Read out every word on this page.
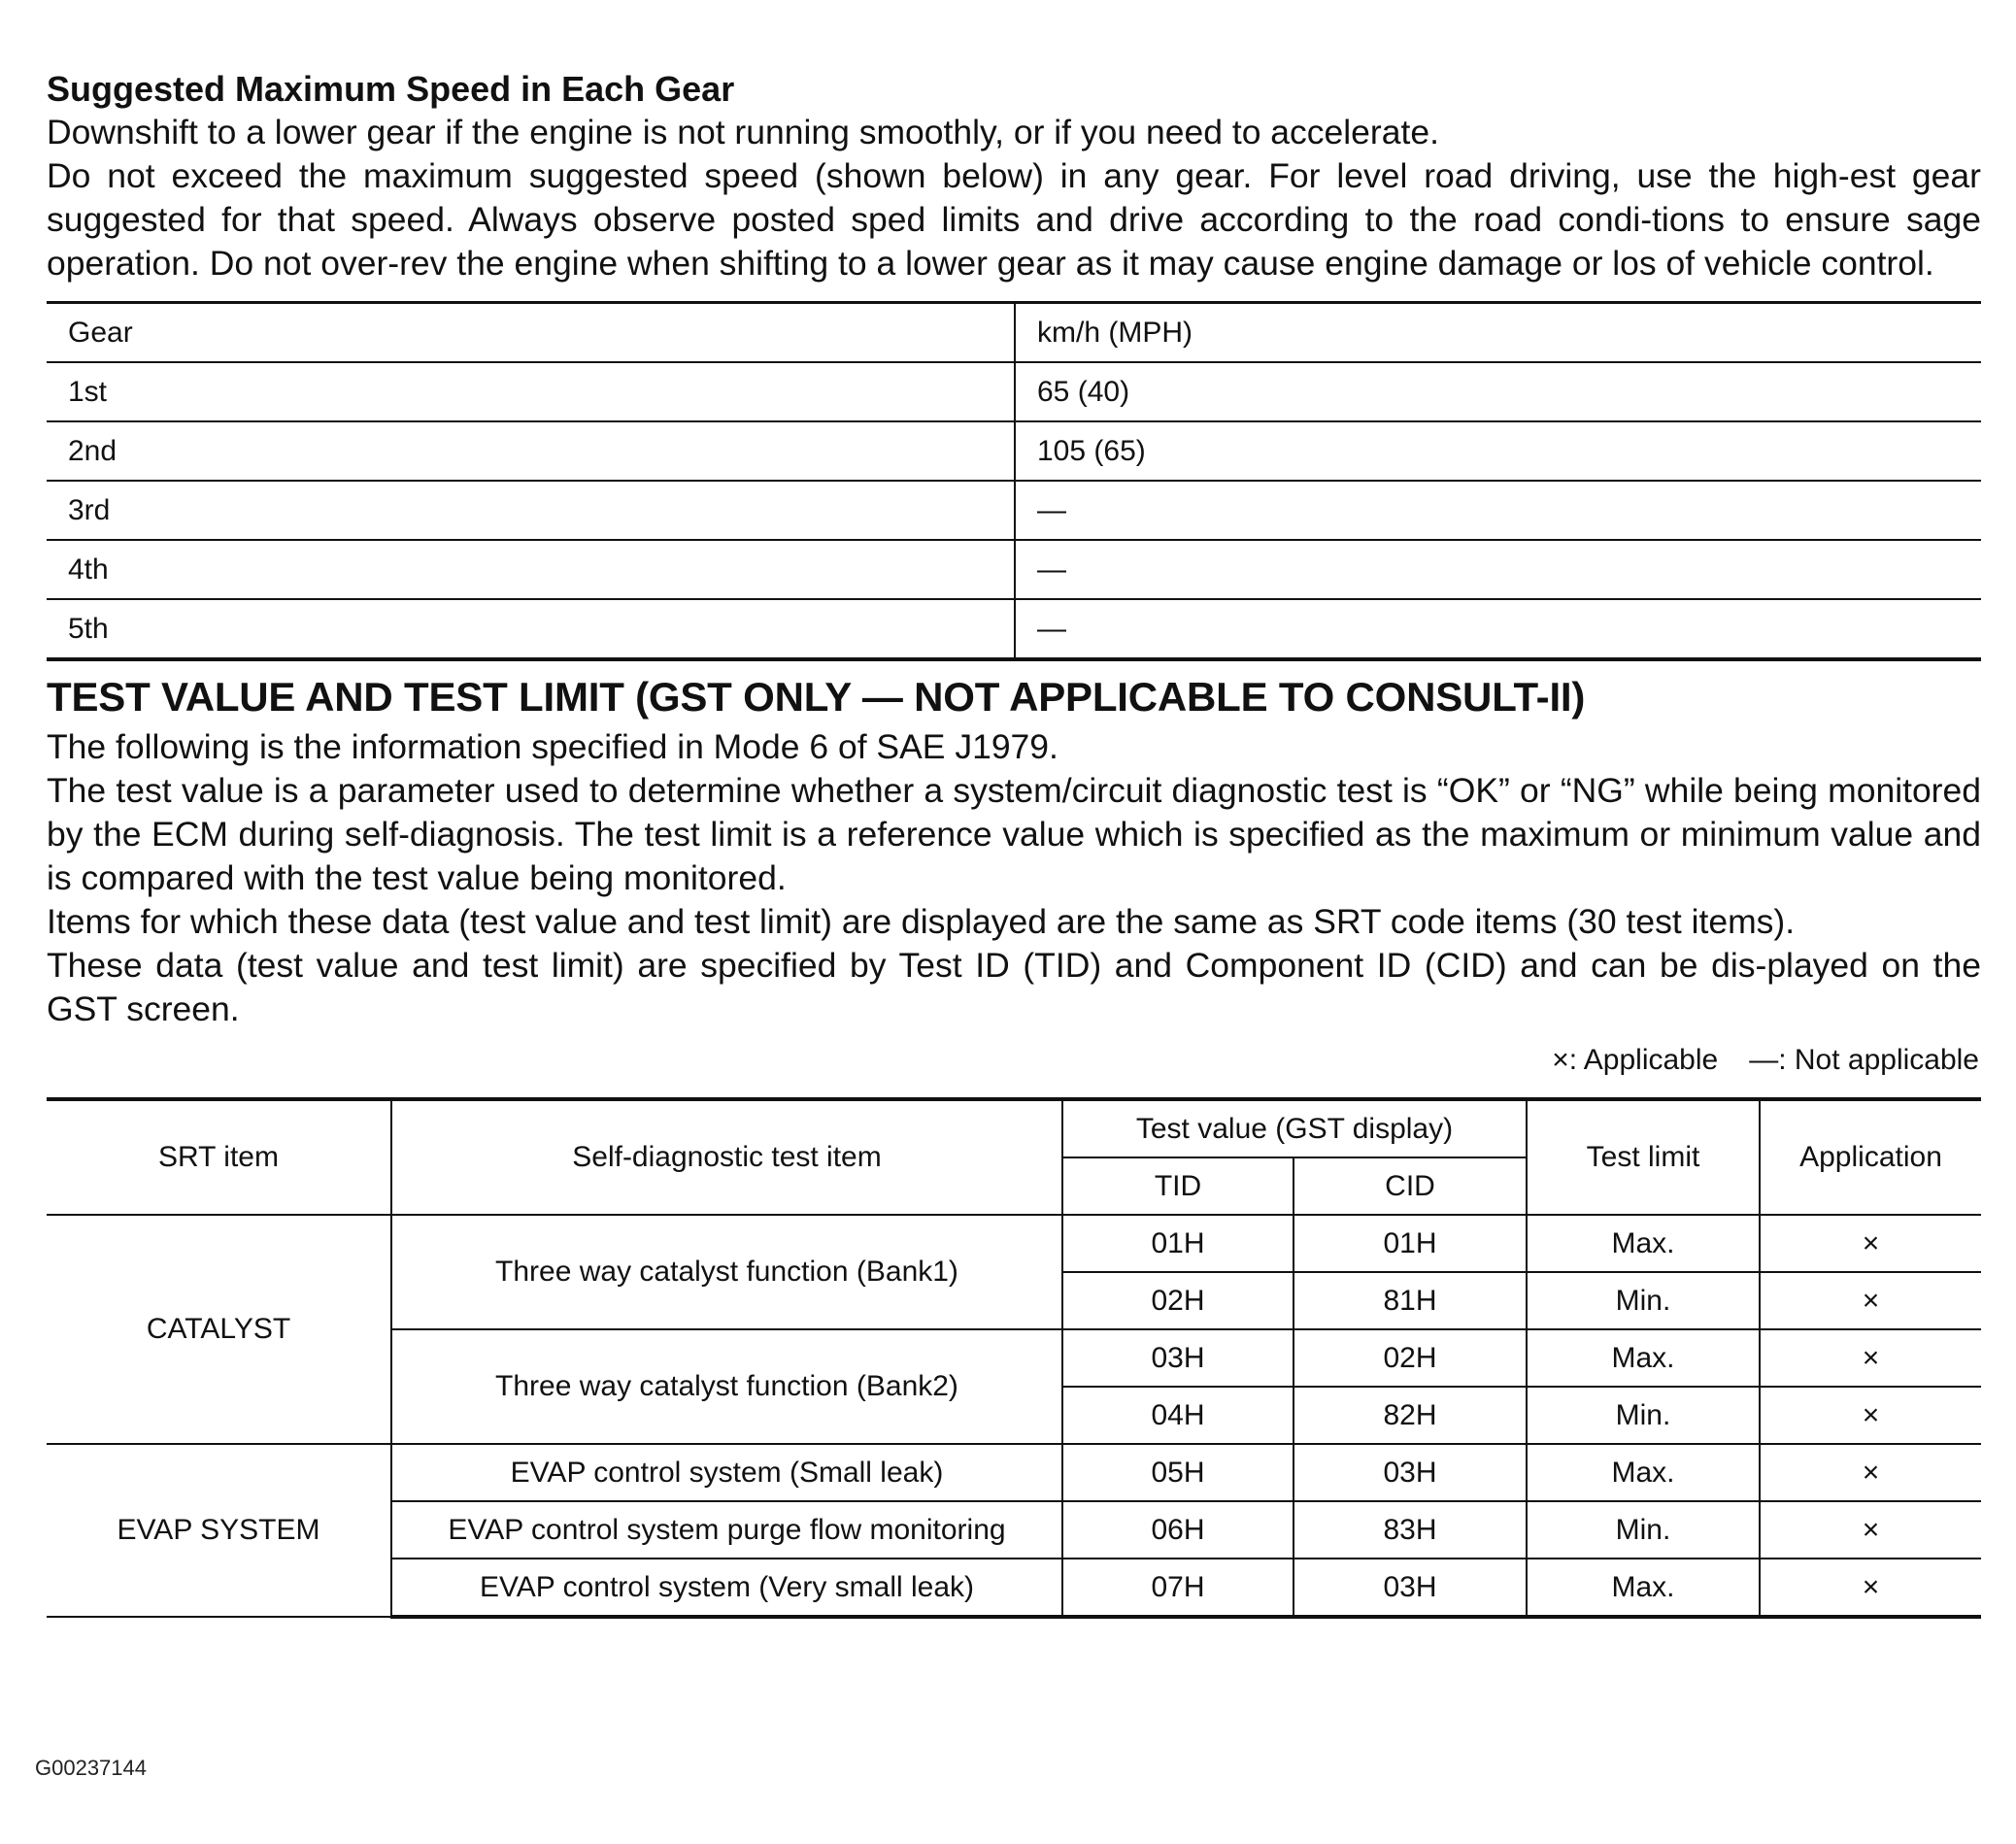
Suggested Maximum Speed in Each Gear

Downshift to a lower gear if the engine is not running smoothly, or if you need to accelerate.

Do not exceed the maximum suggested speed (shown below) in any gear. For level road driving, use the high-est gear suggested for that speed. Always observe posted sped limits and drive according to the road condi-tions to ensure sage operation. Do not over-rev the engine when shifting to a lower gear as it may cause engine damage or los of vehicle control.

Gear	km/h (MPH)
1st	65 (40)
2nd	105 (65)
3rd	—
4th	—
5th	—

TEST VALUE AND TEST LIMIT (GST ONLY — NOT APPLICABLE TO CONSULT-II)

The following is the information specified in Mode 6 of SAE J1979.

The test value is a parameter used to determine whether a system/circuit diagnostic test is “OK” or “NG” while being monitored by the ECM during self-diagnosis. The test limit is a reference value which is specified as the maximum or minimum value and is compared with the test value being monitored.

Items for which these data (test value and test limit) are displayed are the same as SRT code items (30 test items).

These data (test value and test limit) are specified by Test ID (TID) and Component ID (CID) and can be dis-played on the GST screen.

×: Applicable —: Not applicable
SRT item	Self-diagnostic test item	Test value (GST display)		Test limit	Application
		TID	CID		
CATALYST	Three way catalyst function (Bank1)	01H	01H	Max.	×
		02H	81H	Min.	×
	Three way catalyst function (Bank2)	03H	02H	Max.	×
		04H	82H	Min.	×
EVAP SYSTEM	EVAP control system (Small leak)	05H	03H	Max.	×
	EVAP control system purge flow monitoring	06H	83H	Min.	×
	EVAP control system (Very small leak)	07H	03H	Max.	×
G00237144
